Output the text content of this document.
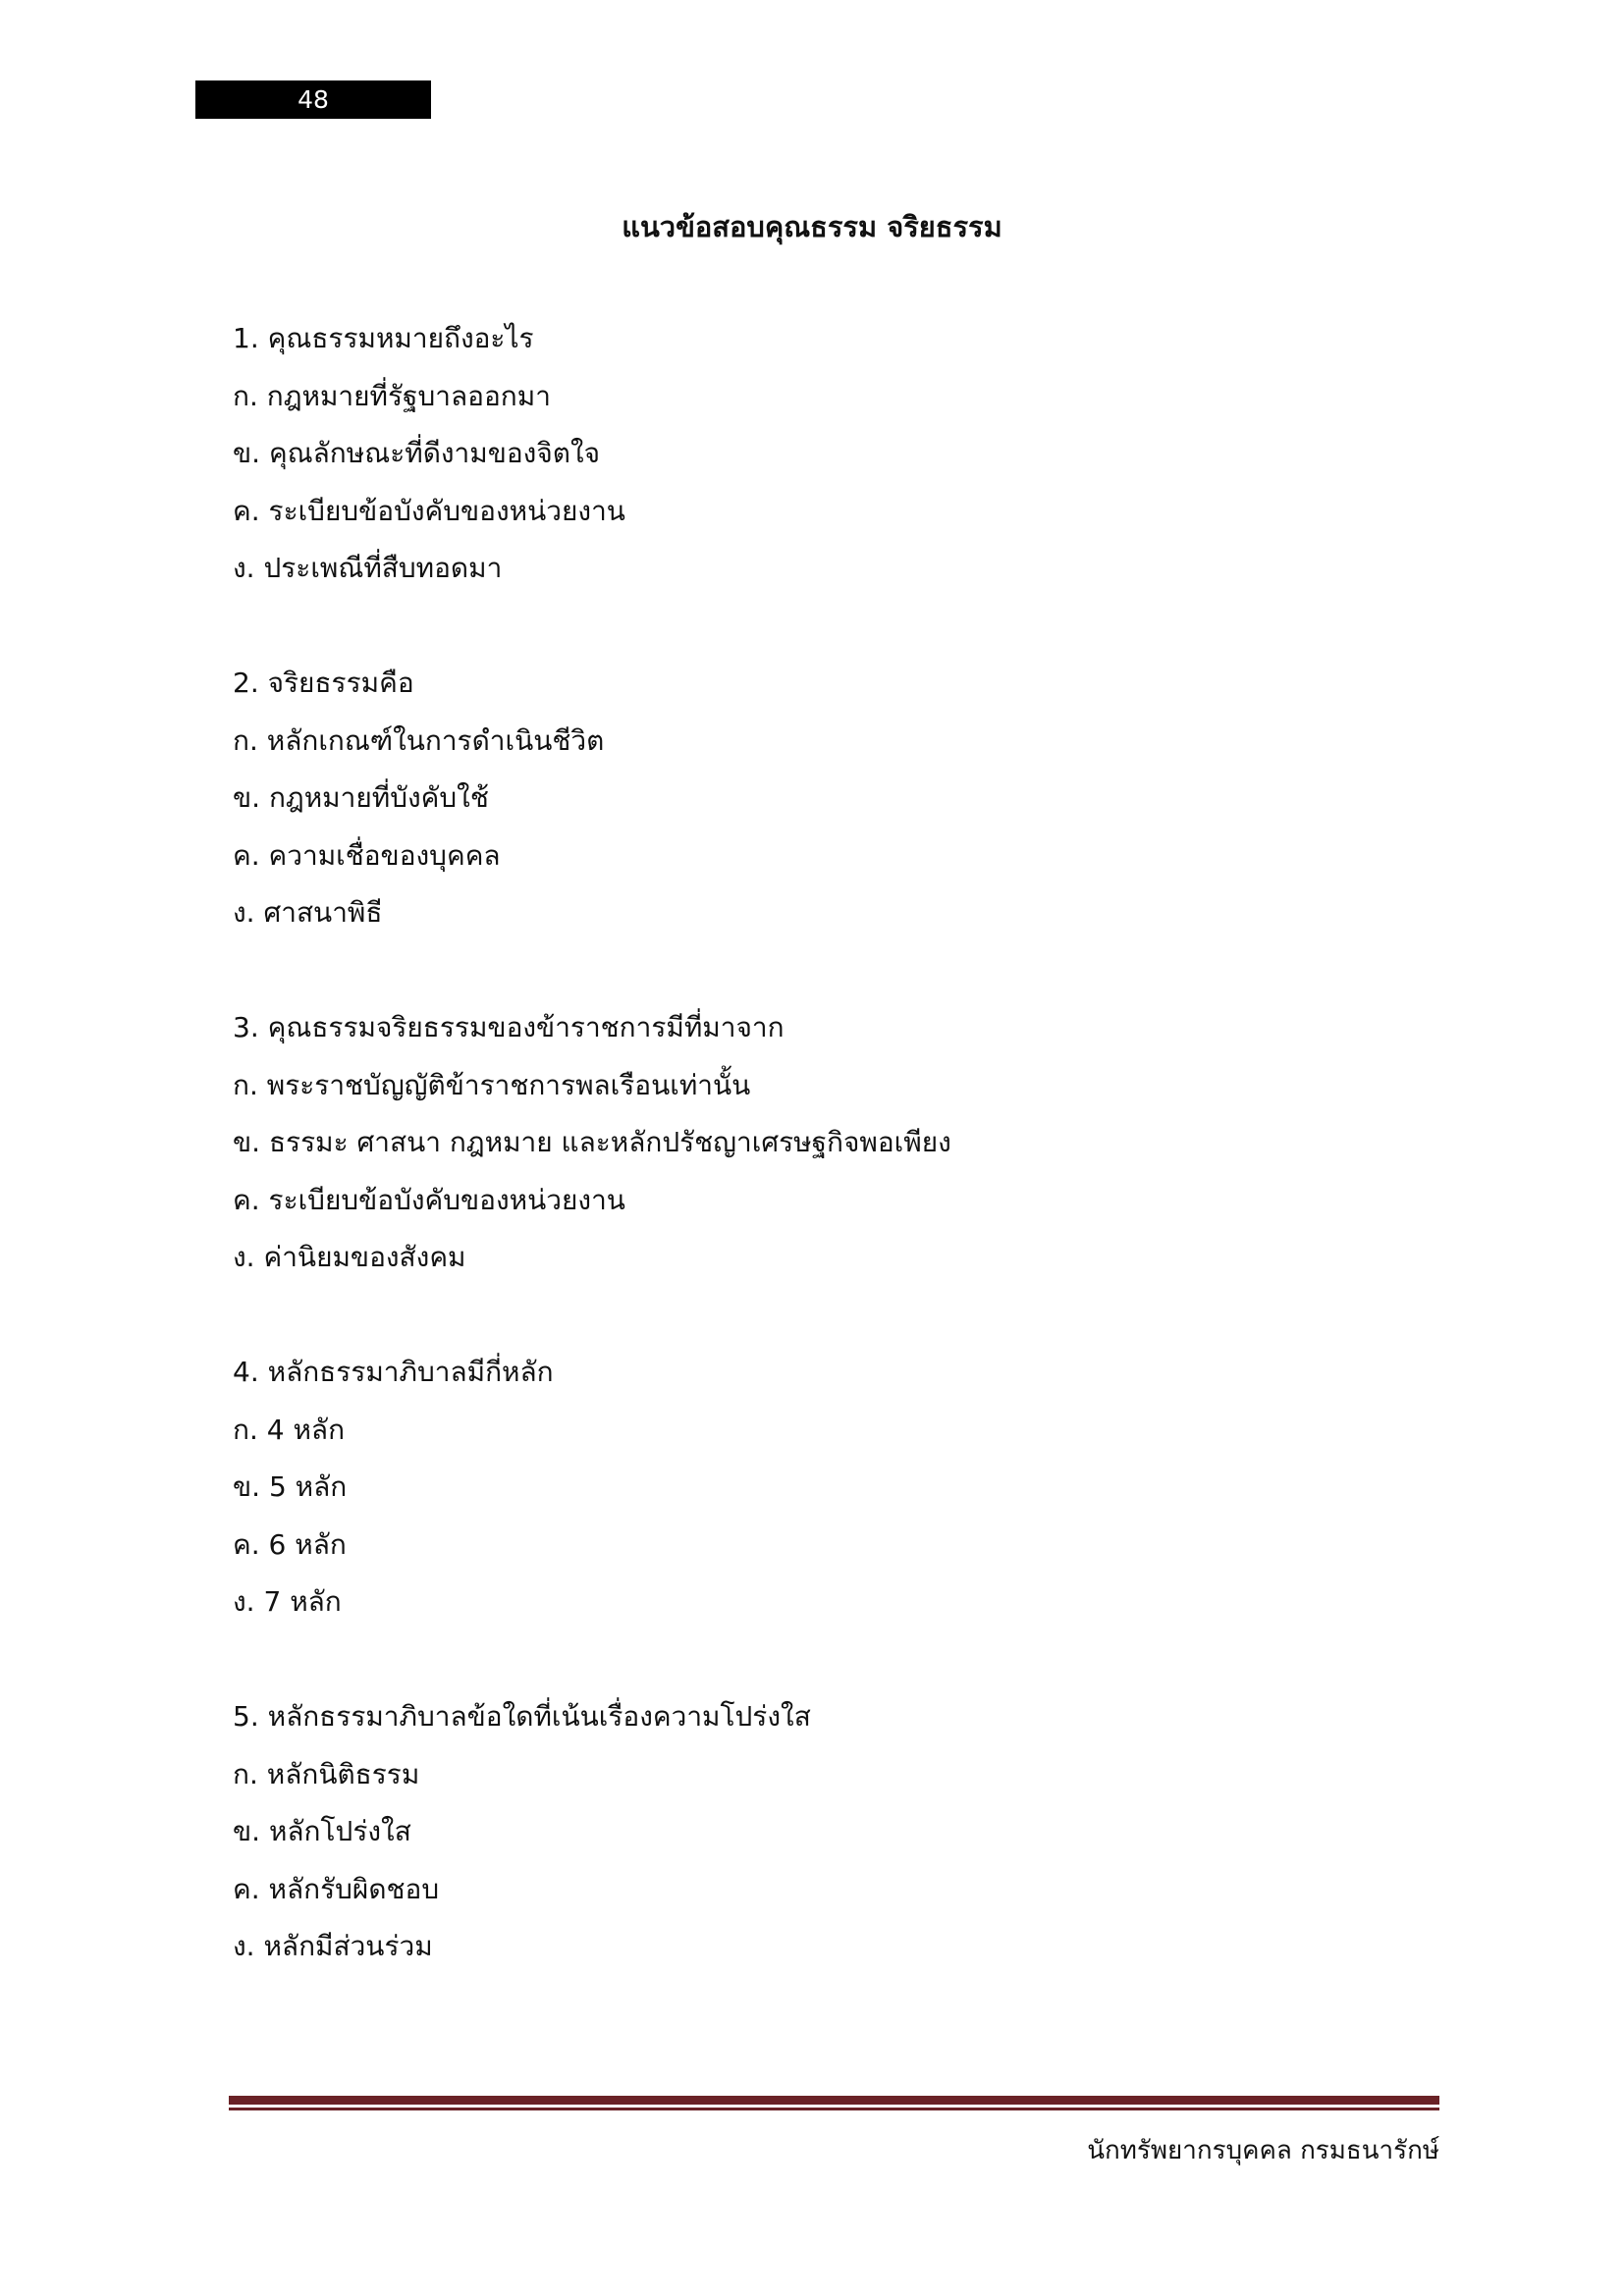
48
แนวข้อสอบคุณธรรม จริยธรรม
1. คุณธรรมหมายถึงอะไร
ก. กฎหมายที่รัฐบาลออกมา
ข. คุณลักษณะที่ดีงามของจิตใจ
ค. ระเบียบข้อบังคับของหน่วยงาน
ง. ประเพณีที่สืบทอดมา
2. จริยธรรมคือ
ก. หลักเกณฑ์ในการดำเนินชีวิต
ข. กฎหมายที่บังคับใช้
ค. ความเชื่อของบุคคล
ง. ศาสนาพิธี
3. คุณธรรมจริยธรรมของข้าราชการมีที่มาจาก
ก. พระราชบัญญัติข้าราชการพลเรือนเท่านั้น
ข. ธรรมะ ศาสนา กฎหมาย และหลักปรัชญาเศรษฐกิจพอเพียง
ค. ระเบียบข้อบังคับของหน่วยงาน
ง. ค่านิยมของสังคม
4. หลักธรรมาภิบาลมีกี่หลัก
ก. 4 หลัก
ข. 5 หลัก
ค. 6 หลัก
ง. 7 หลัก
5. หลักธรรมาภิบาลข้อใดที่เน้นเรื่องความโปร่งใส
ก. หลักนิติธรรม
ข. หลักโปร่งใส
ค. หลักรับผิดชอบ
ง. หลักมีส่วนร่วม
นักทรัพยากรบุคคล กรมธนารักษ์
